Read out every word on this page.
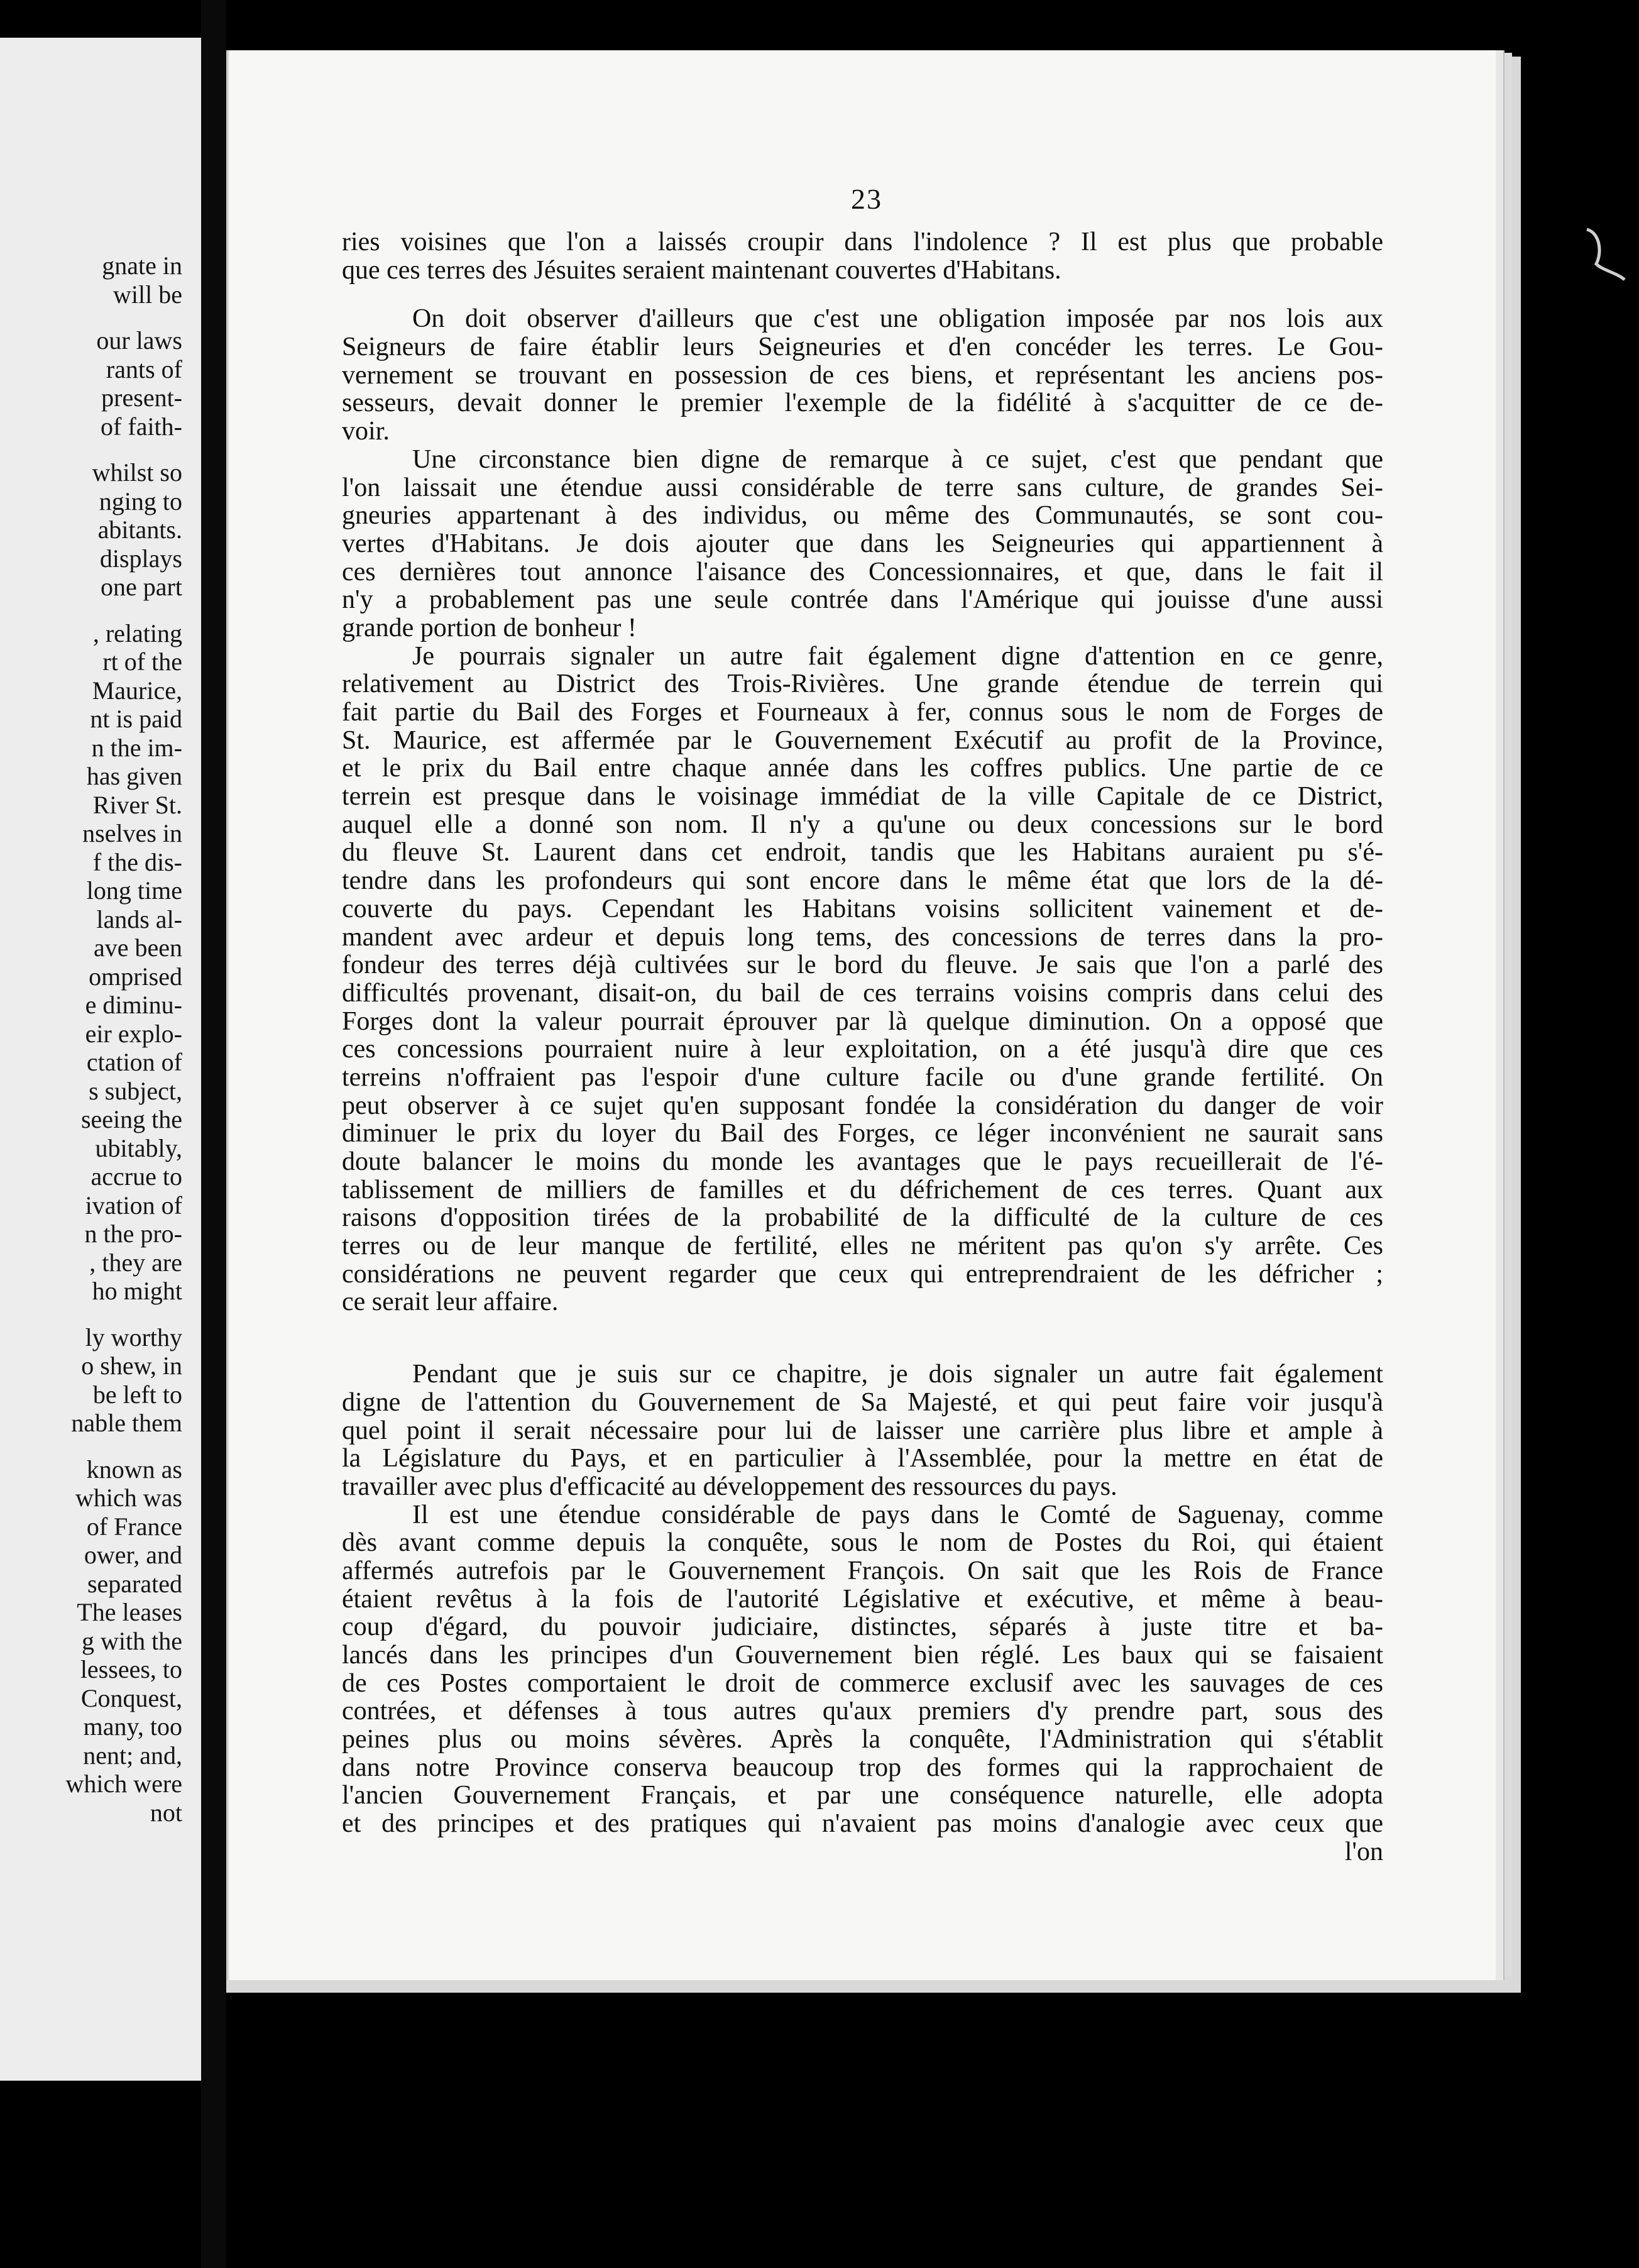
gnate in
will be
our laws
rants of
present-
of faith-
whilst so
nging to
abitants.
displays
one part
, relating
rt of the
Maurice,
nt is paid
n the im-
has given
River St.
nselves in
f the dis-
long time
lands al-
ave been
omprised
e diminu-
eir explo-
ctation of
s subject,
seeing the
ubitably,
accrue to
ivation of
n the pro-
, they are
ho might
ly worthy
o shew, in
be left to
nable them
known as
which was
of France
ower, and
separated
The leases
g with the
lessees, to
Conquest,
many, too
nent; and,
which were
not
23
ries voisines que l'on a laissés croupir dans l'indolence ? Il est plus que probable
que ces terres des Jésuites seraient maintenant couvertes d'Habitans.
On doit observer d'ailleurs que c'est une obligation imposée par nos lois aux
Seigneurs de faire établir leurs Seigneuries et d'en concéder les terres. Le Gou-
vernement se trouvant en possession de ces biens, et représentant les anciens pos-
sesseurs, devait donner le premier l'exemple de la fidélité à s'acquitter de ce de-
voir.
Une circonstance bien digne de remarque à ce sujet, c'est que pendant que
l'on laissait une étendue aussi considérable de terre sans culture, de grandes Sei-
gneuries appartenant à des individus, ou même des Communautés, se sont cou-
vertes d'Habitans. Je dois ajouter que dans les Seigneuries qui appartiennent à
ces dernières tout annonce l'aisance des Concessionnaires, et que, dans le fait il
n'y a probablement pas une seule contrée dans l'Amérique qui jouisse d'une aussi
grande portion de bonheur !
Je pourrais signaler un autre fait également digne d'attention en ce genre,
relativement au District des Trois-Rivières. Une grande étendue de terrein qui
fait partie du Bail des Forges et Fourneaux à fer, connus sous le nom de Forges de
St. Maurice, est affermée par le Gouvernement Exécutif au profit de la Province,
et le prix du Bail entre chaque année dans les coffres publics. Une partie de ce
terrein est presque dans le voisinage immédiat de la ville Capitale de ce District,
auquel elle a donné son nom. Il n'y a qu'une ou deux concessions sur le bord
du fleuve St. Laurent dans cet endroit, tandis que les Habitans auraient pu s'é-
tendre dans les profondeurs qui sont encore dans le même état que lors de la dé-
couverte du pays. Cependant les Habitans voisins sollicitent vainement et de-
mandent avec ardeur et depuis long tems, des concessions de terres dans la pro-
fondeur des terres déjà cultivées sur le bord du fleuve. Je sais que l'on a parlé des
difficultés provenant, disait-on, du bail de ces terrains voisins compris dans celui des
Forges dont la valeur pourrait éprouver par là quelque diminution. On a opposé que
ces concessions pourraient nuire à leur exploitation, on a été jusqu'à dire que ces
terreins n'offraient pas l'espoir d'une culture facile ou d'une grande fertilité. On
peut observer à ce sujet qu'en supposant fondée la considération du danger de voir
diminuer le prix du loyer du Bail des Forges, ce léger inconvénient ne saurait sans
doute balancer le moins du monde les avantages que le pays recueillerait de l'é-
tablissement de milliers de familles et du défrichement de ces terres. Quant aux
raisons d'opposition tirées de la probabilité de la difficulté de la culture de ces
terres ou de leur manque de fertilité, elles ne méritent pas qu'on s'y arrête. Ces
considérations ne peuvent regarder que ceux qui entreprendraient de les défricher ;
ce serait leur affaire.
Pendant que je suis sur ce chapitre, je dois signaler un autre fait également
digne de l'attention du Gouvernement de Sa Majesté, et qui peut faire voir jusqu'à
quel point il serait nécessaire pour lui de laisser une carrière plus libre et ample à
la Législature du Pays, et en particulier à l'Assemblée, pour la mettre en état de
travailler avec plus d'efficacité au développement des ressources du pays.
Il est une étendue considérable de pays dans le Comté de Saguenay, comme
dès avant comme depuis la conquête, sous le nom de Postes du Roi, qui étaient
affermés autrefois par le Gouvernement François. On sait que les Rois de France
étaient revêtus à la fois de l'autorité Législative et exécutive, et même à beau-
coup d'égard, du pouvoir judiciaire, distinctes, séparés à juste titre et ba-
lancés dans les principes d'un Gouvernement bien réglé. Les baux qui se faisaient
de ces Postes comportaient le droit de commerce exclusif avec les sauvages de ces
contrées, et défenses à tous autres qu'aux premiers d'y prendre part, sous des
peines plus ou moins sévères. Après la conquête, l'Administration qui s'établit
dans notre Province conserva beaucoup trop des formes qui la rapprochaient de
l'ancien Gouvernement Français, et par une conséquence naturelle, elle adopta
et des principes et des pratiques qui n'avaient pas moins d'analogie avec ceux que
l'on
